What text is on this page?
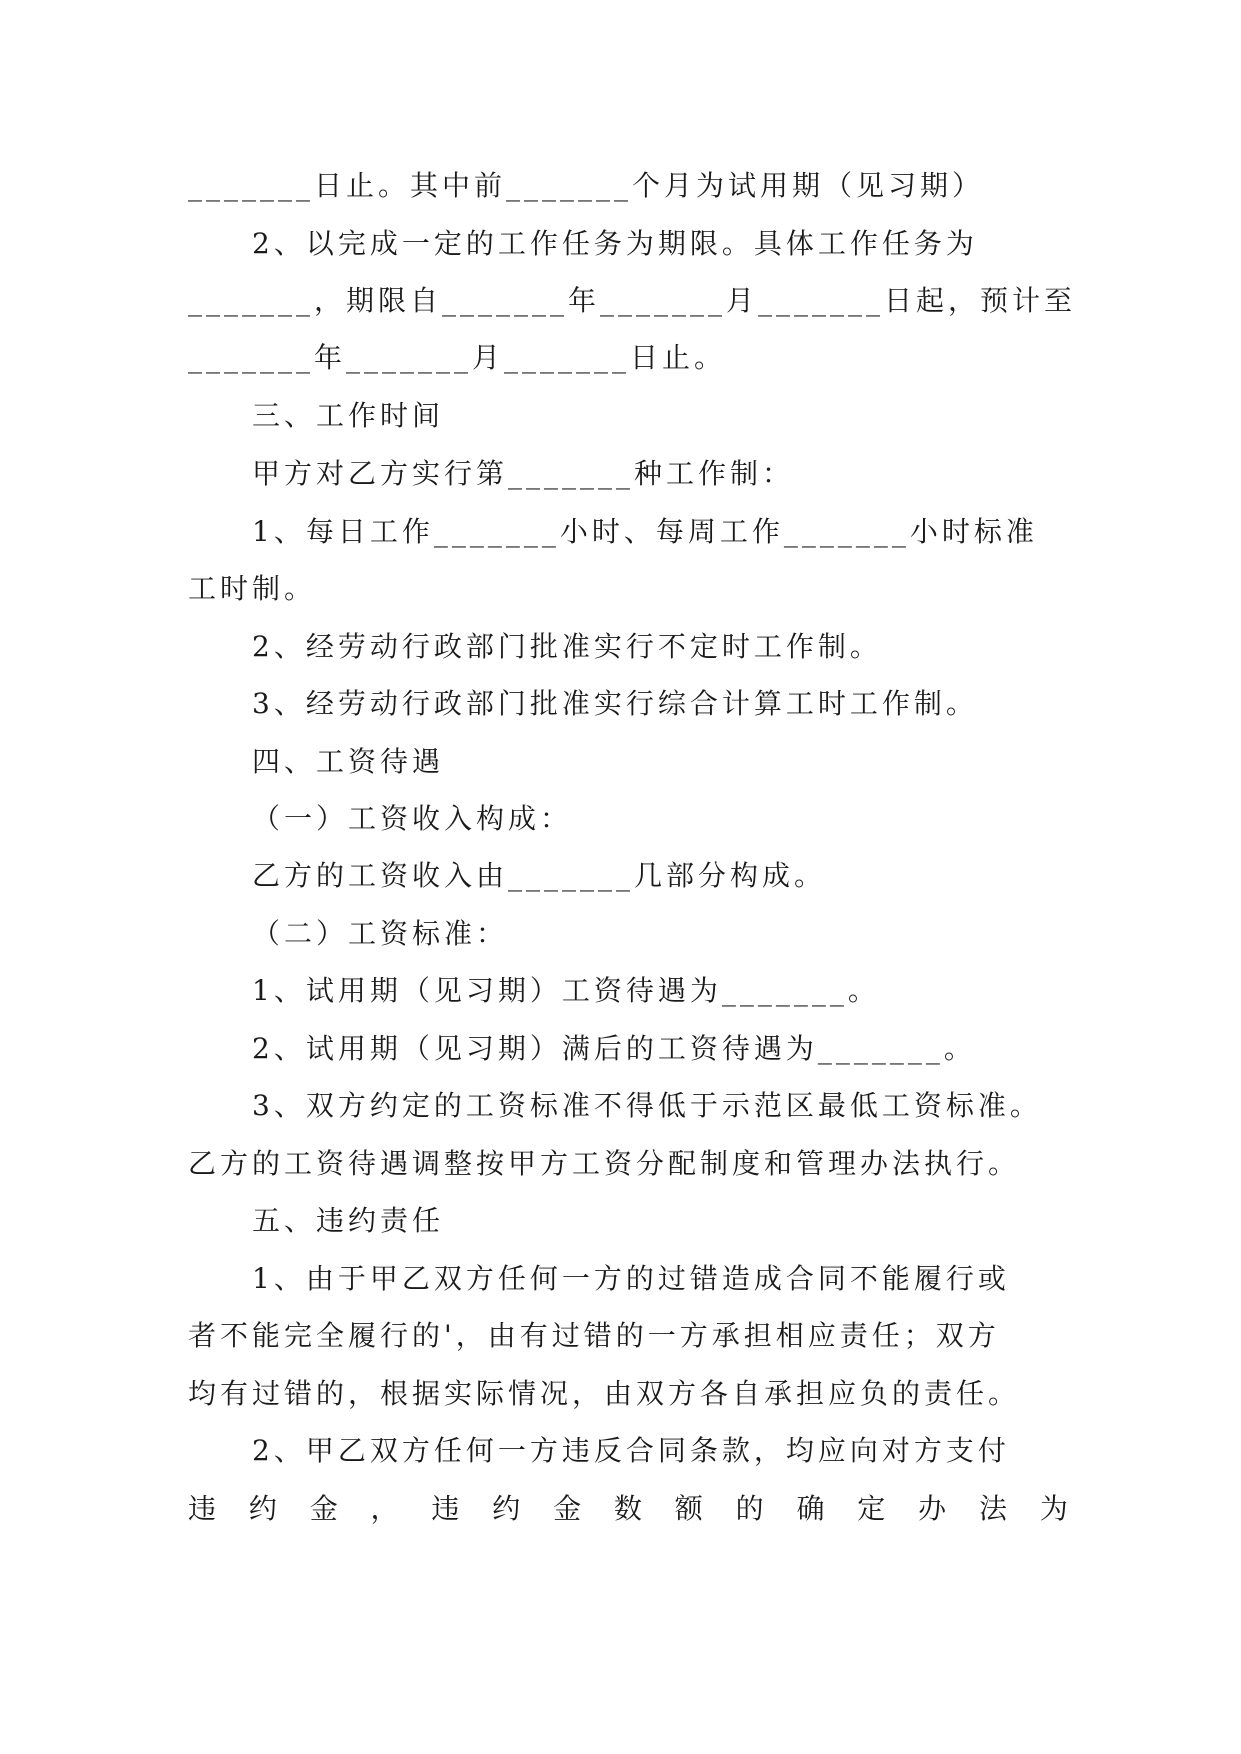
_______日止。其中前_______个月为试用期（见习期）
2、以完成一定的工作任务为期限。具体工作任务为
_______，期限自_______年_______月_______日起，预计至
_______年_______月_______日止。
三、工作时间
甲方对乙方实行第_______种工作制：
1、每日工作_______小时、每周工作_______小时标准
工时制。
2、经劳动行政部门批准实行不定时工作制。
3、经劳动行政部门批准实行综合计算工时工作制。
四、工资待遇
（一）工资收入构成：
乙方的工资收入由_______几部分构成。
（二）工资标准：
1、试用期（见习期）工资待遇为_______。
2、试用期（见习期）满后的工资待遇为_______。
3、双方约定的工资标准不得低于示范区最低工资标准。
乙方的工资待遇调整按甲方工资分配制度和管理办法执行。
五、违约责任
1、由于甲乙双方任何一方的过错造成合同不能履行或
者不能完全履行的'，由有过错的一方承担相应责任；双方
均有过错的，根据实际情况，由双方各自承担应负的责任。
2、甲乙双方任何一方违反合同条款，均应向对方支付
违 约 金 ， 违 约 金 数 额 的 确 定 办 法 为
